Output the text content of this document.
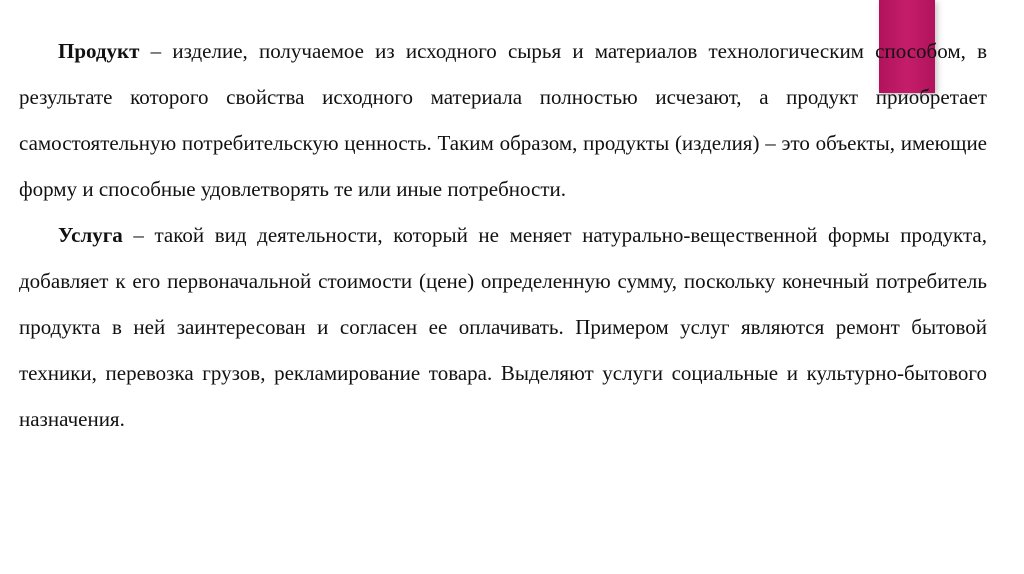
Продукт – изделие, получаемое из исходного сырья и материалов технологическим способом, в результате которого свойства исходного материала полностью исчезают, а продукт приобретает самостоятельную потребительскую ценность. Таким образом, продукты (изделия) – это объекты, имеющие форму и способные удовлетворять те или иные потребности.

Услуга – такой вид деятельности, который не меняет натурально-вещественной формы продукта, добавляет к его первоначальной стоимости (цене) определенную сумму, поскольку конечный потребитель продукта в ней заинтересован и согласен ее оплачивать. Примером услуг являются ремонт бытовой техники, перевозка грузов, рекламирование товара. Выделяют услуги социальные и культурно-бытового назначения.
